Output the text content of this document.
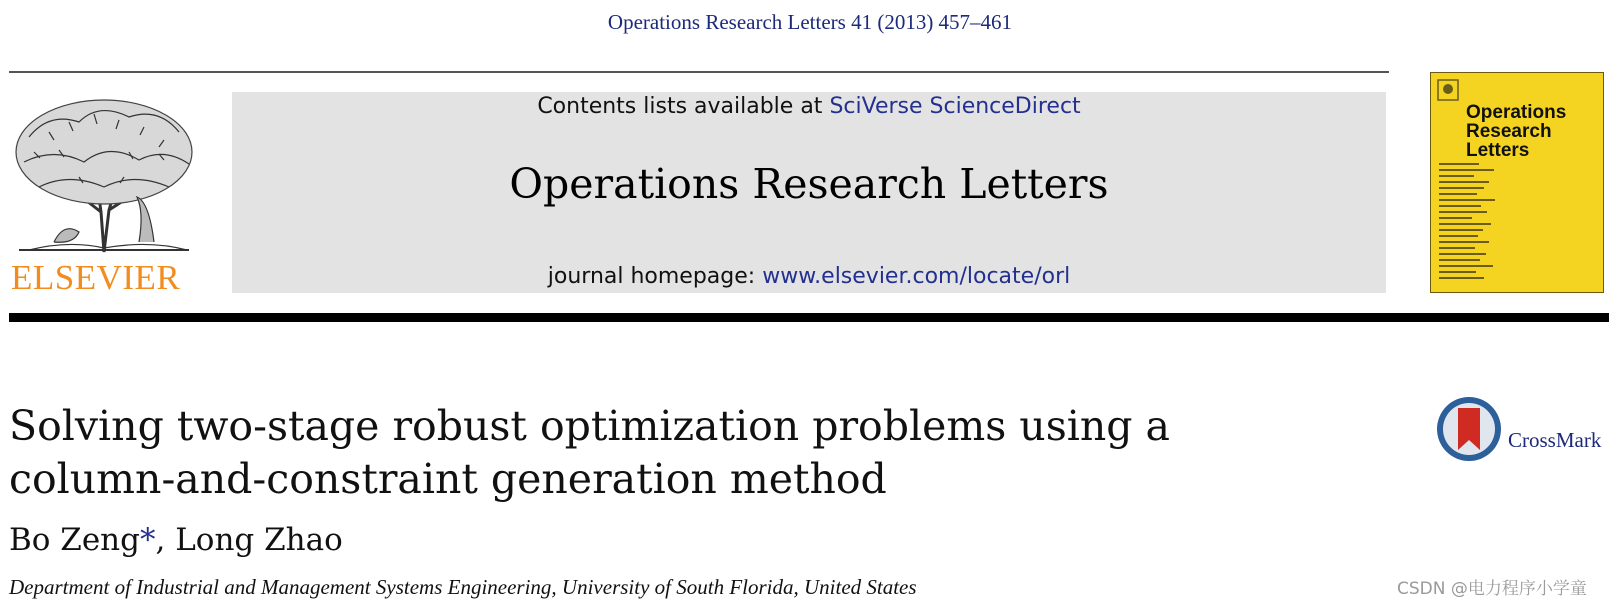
Operations Research Letters 41 (2013) 457–461
ELSEVIER
Contents lists available at SciVerse ScienceDirect
Operations Research Letters
journal homepage: www.elsevier.com/locate/orl
Operations
Research
Letters
Solving two-stage robust optimization problems using a
column-and-constraint generation method
Bo Zeng*, Long Zhao
Department of Industrial and Management Systems Engineering, University of South Florida, United States
CrossMark
CSDN @电力程序小学童
